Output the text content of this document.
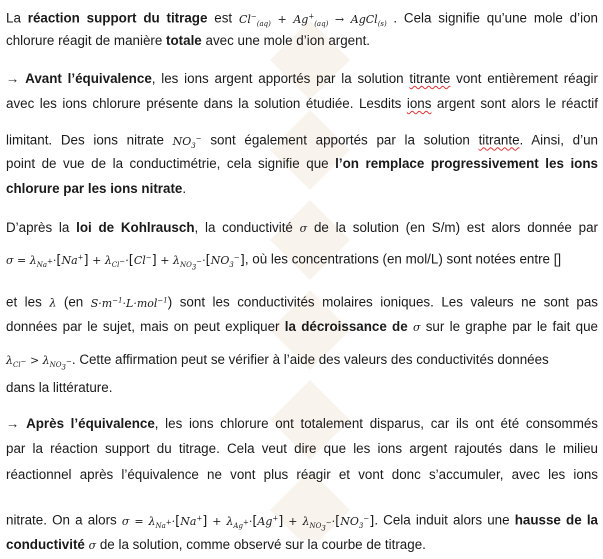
La réaction support du titrage est $Cl^-_{(aq)} + Ag^+_{(aq)}$ → AgCl$_{(s)}$ . Cela signifie qu’une mole d’ion
chlorure réagit de manière totale avec une mole d’ion argent.
→ Avant l’équivalence, les ions argent apportés par la solution titrante vont entièrement réagir
avec les ions chlorure présente dans la solution étudiée. Lesdits ions argent sont alors le réactif
limitant. Des ions nitrate $NO_3^-$ sont également apportés par la solution titrante. Ainsi, d’un
point de vue de la conductimétrie, cela signifie que l’on remplace progressivement les ions
chlorure par les ions nitrate.
D’après la loi de Kohlrausch, la conductivité σ de la solution (en S/m) est alors donnée par
$\sigma = \lambda_{Na^+}\cdot[Na^+] + \lambda_{Cl^-}\cdot[Cl^-] + \lambda_{NO_3^-}\cdot[NO_3^-]$, où les concentrations (en mol/L) sont notées entre []
et les λ (en $S\cdot m^{-1}\cdot L\cdot mol^{-1}$) sont les conductivités molaires ioniques. Les valeurs ne sont pas
données par le sujet, mais on peut expliquer la décroissance de σ sur le graphe par le fait que
$\lambda_{Cl^-} > \lambda_{NO_3^-}$. Cette affirmation peut se vérifier à l’aide des valeurs des conductivités données
dans la littérature.
→ Après l’équivalence, les ions chlorure ont totalement disparus, car ils ont été consommés
par la réaction support du titrage. Cela veut dire que les ions argent rajoutés dans le milieu
réactionnel après l’équivalence ne vont plus réagir et vont donc s’accumuler, avec les ions
nitrate. On a alors $\sigma = \lambda_{Na^+}\cdot[Na^+] + \lambda_{Ag^+}\cdot[Ag^+] + \lambda_{NO_3^-}\cdot[NO_3^-]$. Cela induit alors une hausse de la
conductivité σ de la solution, comme observé sur la courbe de titrage.
